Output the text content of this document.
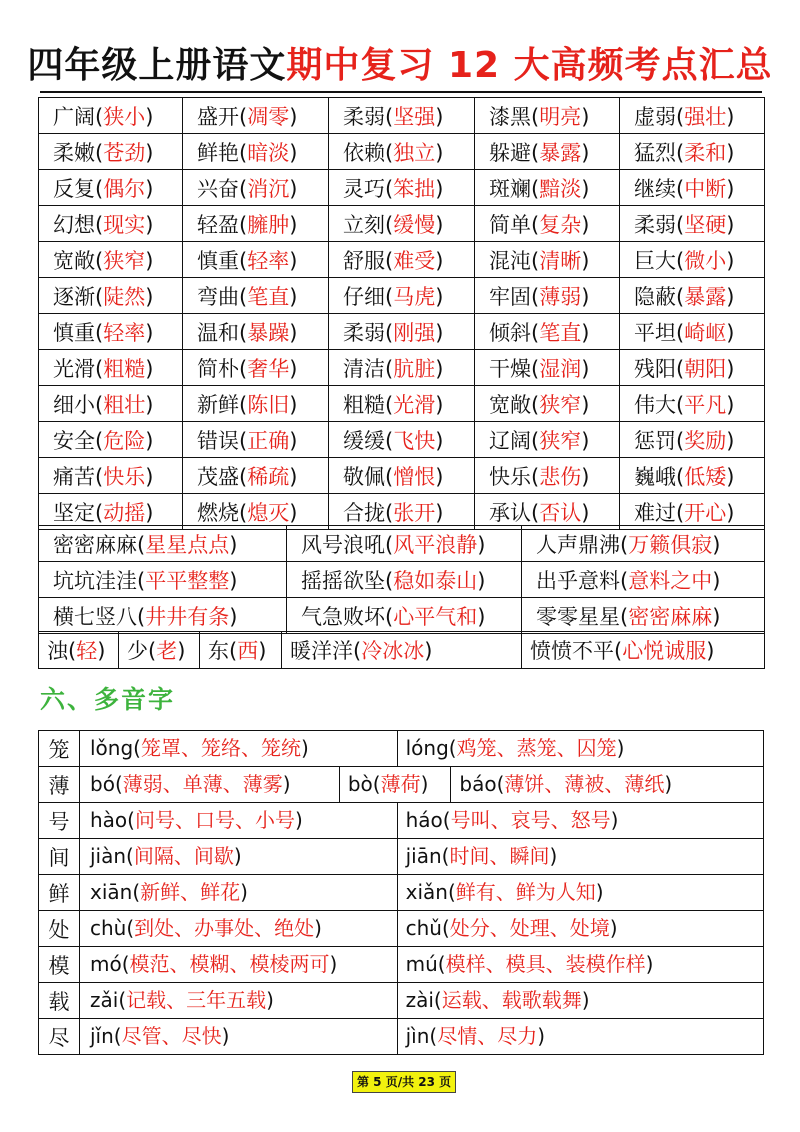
四年级上册语文期中复习 12 大高频考点汇总
广阔(狭小)	盛开(凋零)	柔弱(坚强)	漆黑(明亮)	虚弱(强壮)
柔嫩(苍劲)	鲜艳(暗淡)	依赖(独立)	躲避(暴露)	猛烈(柔和)
反复(偶尔)	兴奋(消沉)	灵巧(笨拙)	斑斓(黯淡)	继续(中断)
幻想(现实)	轻盈(臃肿)	立刻(缓慢)	简单(复杂)	柔弱(坚硬)
宽敞(狭窄)	慎重(轻率)	舒服(难受)	混沌(清晰)	巨大(微小)
逐渐(陡然)	弯曲(笔直)	仔细(马虎)	牢固(薄弱)	隐蔽(暴露)
慎重(轻率)	温和(暴躁)	柔弱(刚强)	倾斜(笔直)	平坦(崎岖)
光滑(粗糙)	简朴(奢华)	清洁(肮脏)	干燥(湿润)	残阳(朝阳)
细小(粗壮)	新鲜(陈旧)	粗糙(光滑)	宽敞(狭窄)	伟大(平凡)
安全(危险)	错误(正确)	缓缓(飞快)	辽阔(狭窄)	惩罚(奖励)
痛苦(快乐)	茂盛(稀疏)	敬佩(憎恨)	快乐(悲伤)	巍峨(低矮)
坚定(动摇)	燃烧(熄灭)	合拢(张开)	承认(否认)	难过(开心)
密密麻麻(星星点点)	风号浪吼(风平浪静)	人声鼎沸(万籁俱寂)
坑坑洼洼(平平整整)	摇摇欲坠(稳如泰山)	出乎意料(意料之中)
横七竖八(井井有条)	气急败坏(心平气和)	零零星星(密密麻麻)
浊(轻)	少(老)	东(西)	暖洋洋(冷冰冰)	愤愤不平(心悦诚服)
六、多音字
笼	lǒng(笼罩、笼络、笼统) lóng(鸡笼、蒸笼、囚笼)

薄	bó(薄弱、单薄、薄雾) bò(薄荷) báo(薄饼、薄被、薄纸)

号	hào(问号、口号、小号) háo(号叫、哀号、怒号)

间	jiàn(间隔、间歇) jiān(时间、瞬间)

鲜	xiān(新鲜、鲜花) xiǎn(鲜有、鲜为人知)

处	chù(到处、办事处、绝处) chǔ(处分、处理、处境)

模	mó(模范、模糊、模棱两可) mú(模样、模具、装模作样)

载	zǎi(记载、三年五载) zài(运载、载歌载舞)

尽	jǐn(尽管、尽快) jìn(尽情、尽力)
第 5 页/共 23 页
